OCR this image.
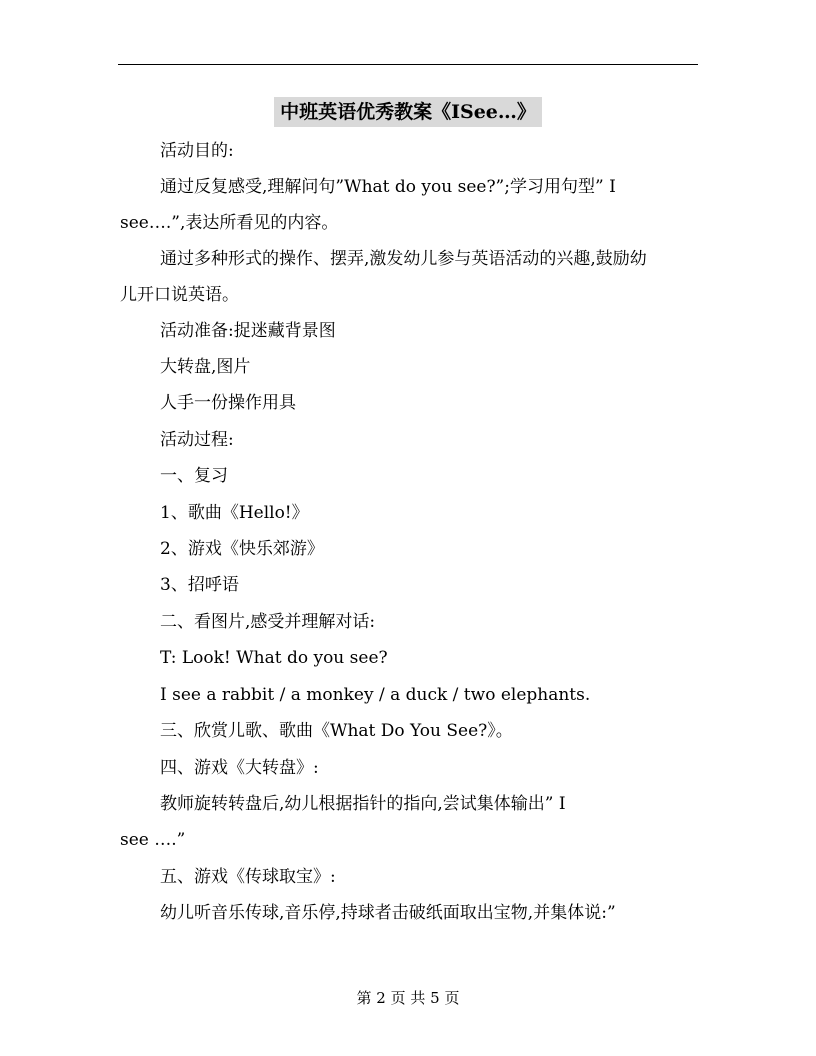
中班英语优秀教案《ISee…》
活动目的:
通过反复感受,理解问句”What do you see?”;学习用句型” I
see….”,表达所看见的内容。
通过多种形式的操作、摆弄,激发幼儿参与英语活动的兴趣,鼓励幼
儿开口说英语。
活动准备:捉迷藏背景图
大转盘,图片
人手一份操作用具
活动过程:
一、复习
1、歌曲《Hello!》
2、游戏《快乐郊游》
3、招呼语
二、看图片,感受并理解对话:
T: Look! What do you see?
I see a rabbit / a monkey / a duck / two elephants.
三、欣赏儿歌、歌曲《What Do You See?》。
四、游戏《大转盘》:
教师旋转转盘后,幼儿根据指针的指向,尝试集体输出” I
see ….”
五、游戏《传球取宝》:
幼儿听音乐传球,音乐停,持球者击破纸面取出宝物,并集体说:”
第 2 页 共 5 页
